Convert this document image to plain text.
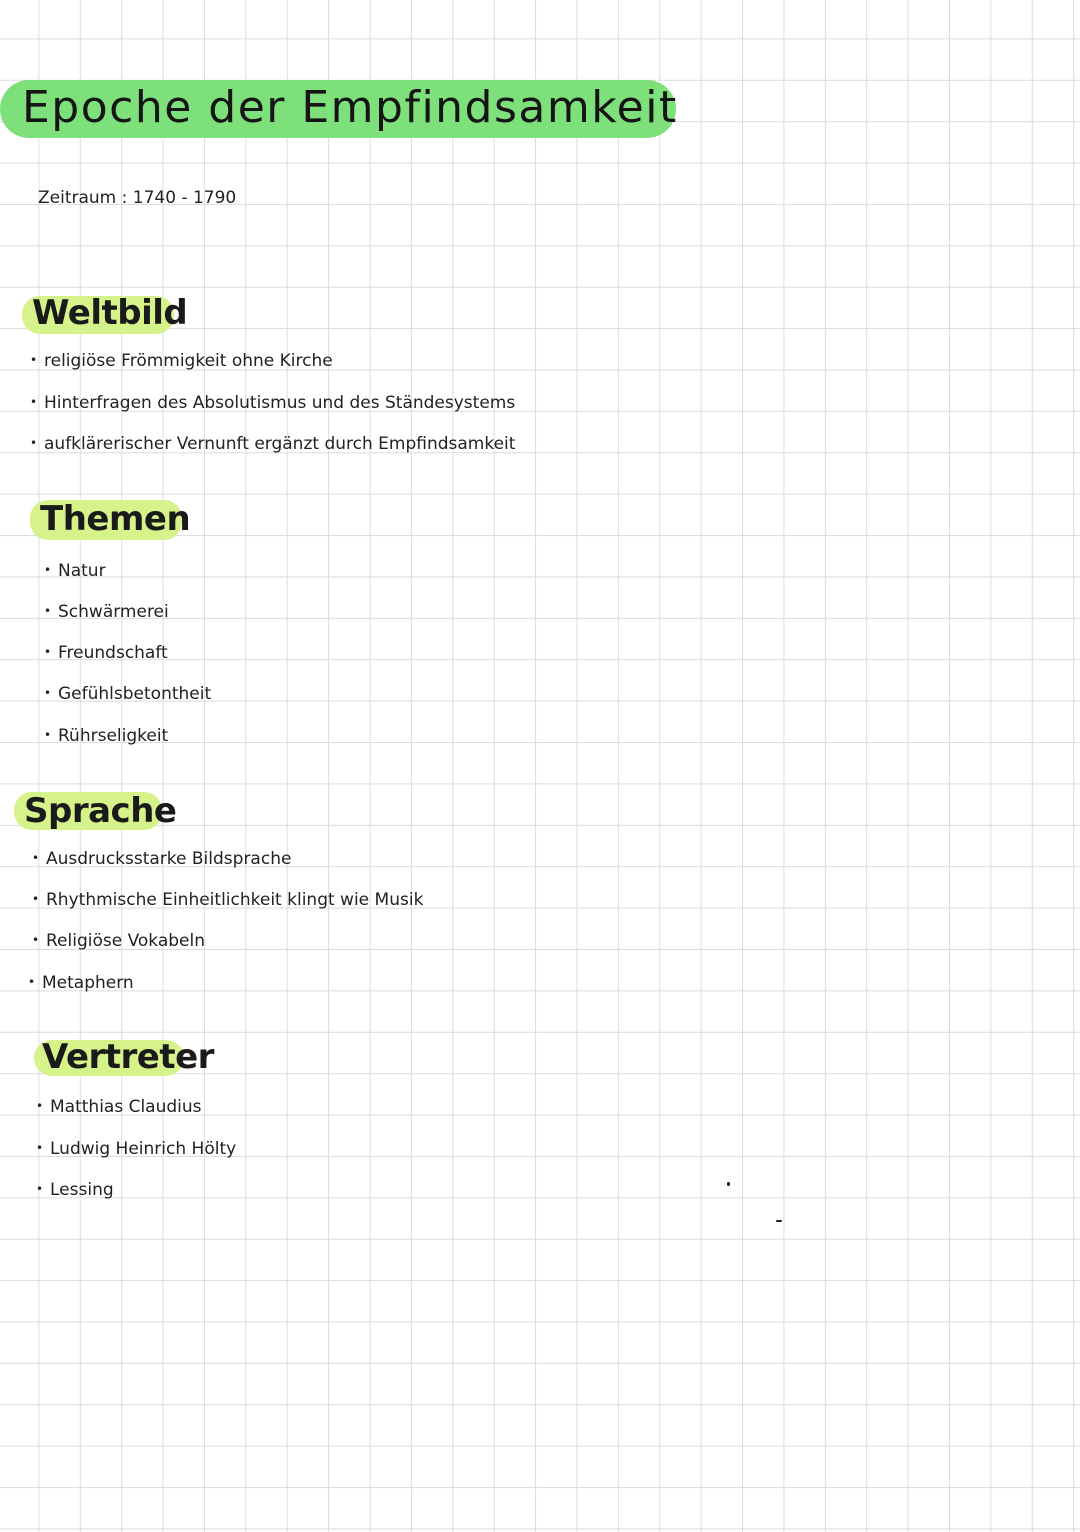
Epoche der Empfindsamkeit
Zeitraum : 1740 - 1790
Weltbild
• religiöse Frömmigkeit ohne Kirche
• Hinterfragen des Absolutismus und des Ständesystems
• aufklärerischer Vernunft ergänzt durch Empfindsamkeit
Themen
• Natur
• Schwärmerei
• Freundschaft
• Gefühlsbetontheit
• Rührseligkeit
Sprache
• Ausdrucksstarke Bildsprache
• Rhythmische Einheitlichkeit klingt wie Musik
• Religiöse Vokabeln
• Metaphern
Vertreter
• Matthias Claudius
• Ludwig Heinrich Hölty
• Lessing
